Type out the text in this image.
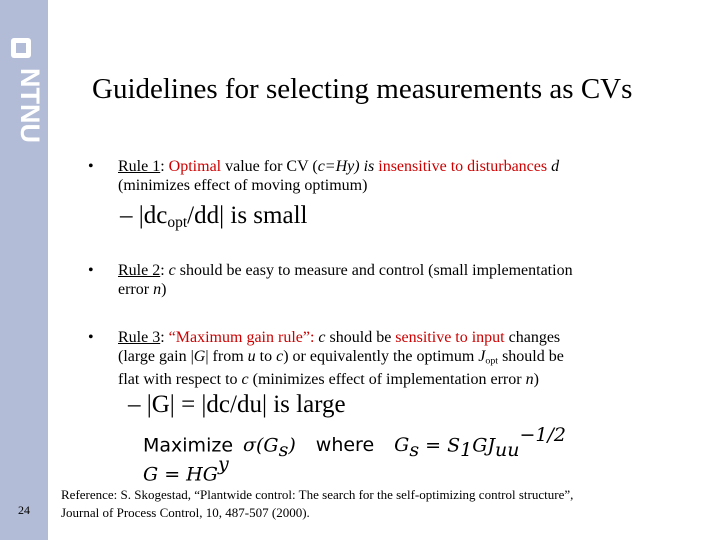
NTNU Guidelines for selecting measurements as CVs
• Rule 1: Optimal value for CV (c=Hy) is insensitive to disturbances d
(minimizes effect of moving optimum)
– $|dc_{opt}/dd|$ is small
• Rule 2: c should be easy to measure and control (small implementation
error n)
• Rule 3: “Maximum gain rule”: c should be sensitive to input changes
(large gain |G| from u to c) or equivalently the optimum $J_{opt}$ should be
flat with respect to c (minimizes effect of implementation error n)
– |G| = |dc/du| is large
Maximize $\sigma(G_s)$ where $G_s = S_1GJ_{uu}^{-1/2}$
$G = HG^y$
Reference: S. Skogestad, “Plantwide control: The search for the self-optimizing control structure”,
Journal of Process Control, 10, 487-507 (2000).
24
